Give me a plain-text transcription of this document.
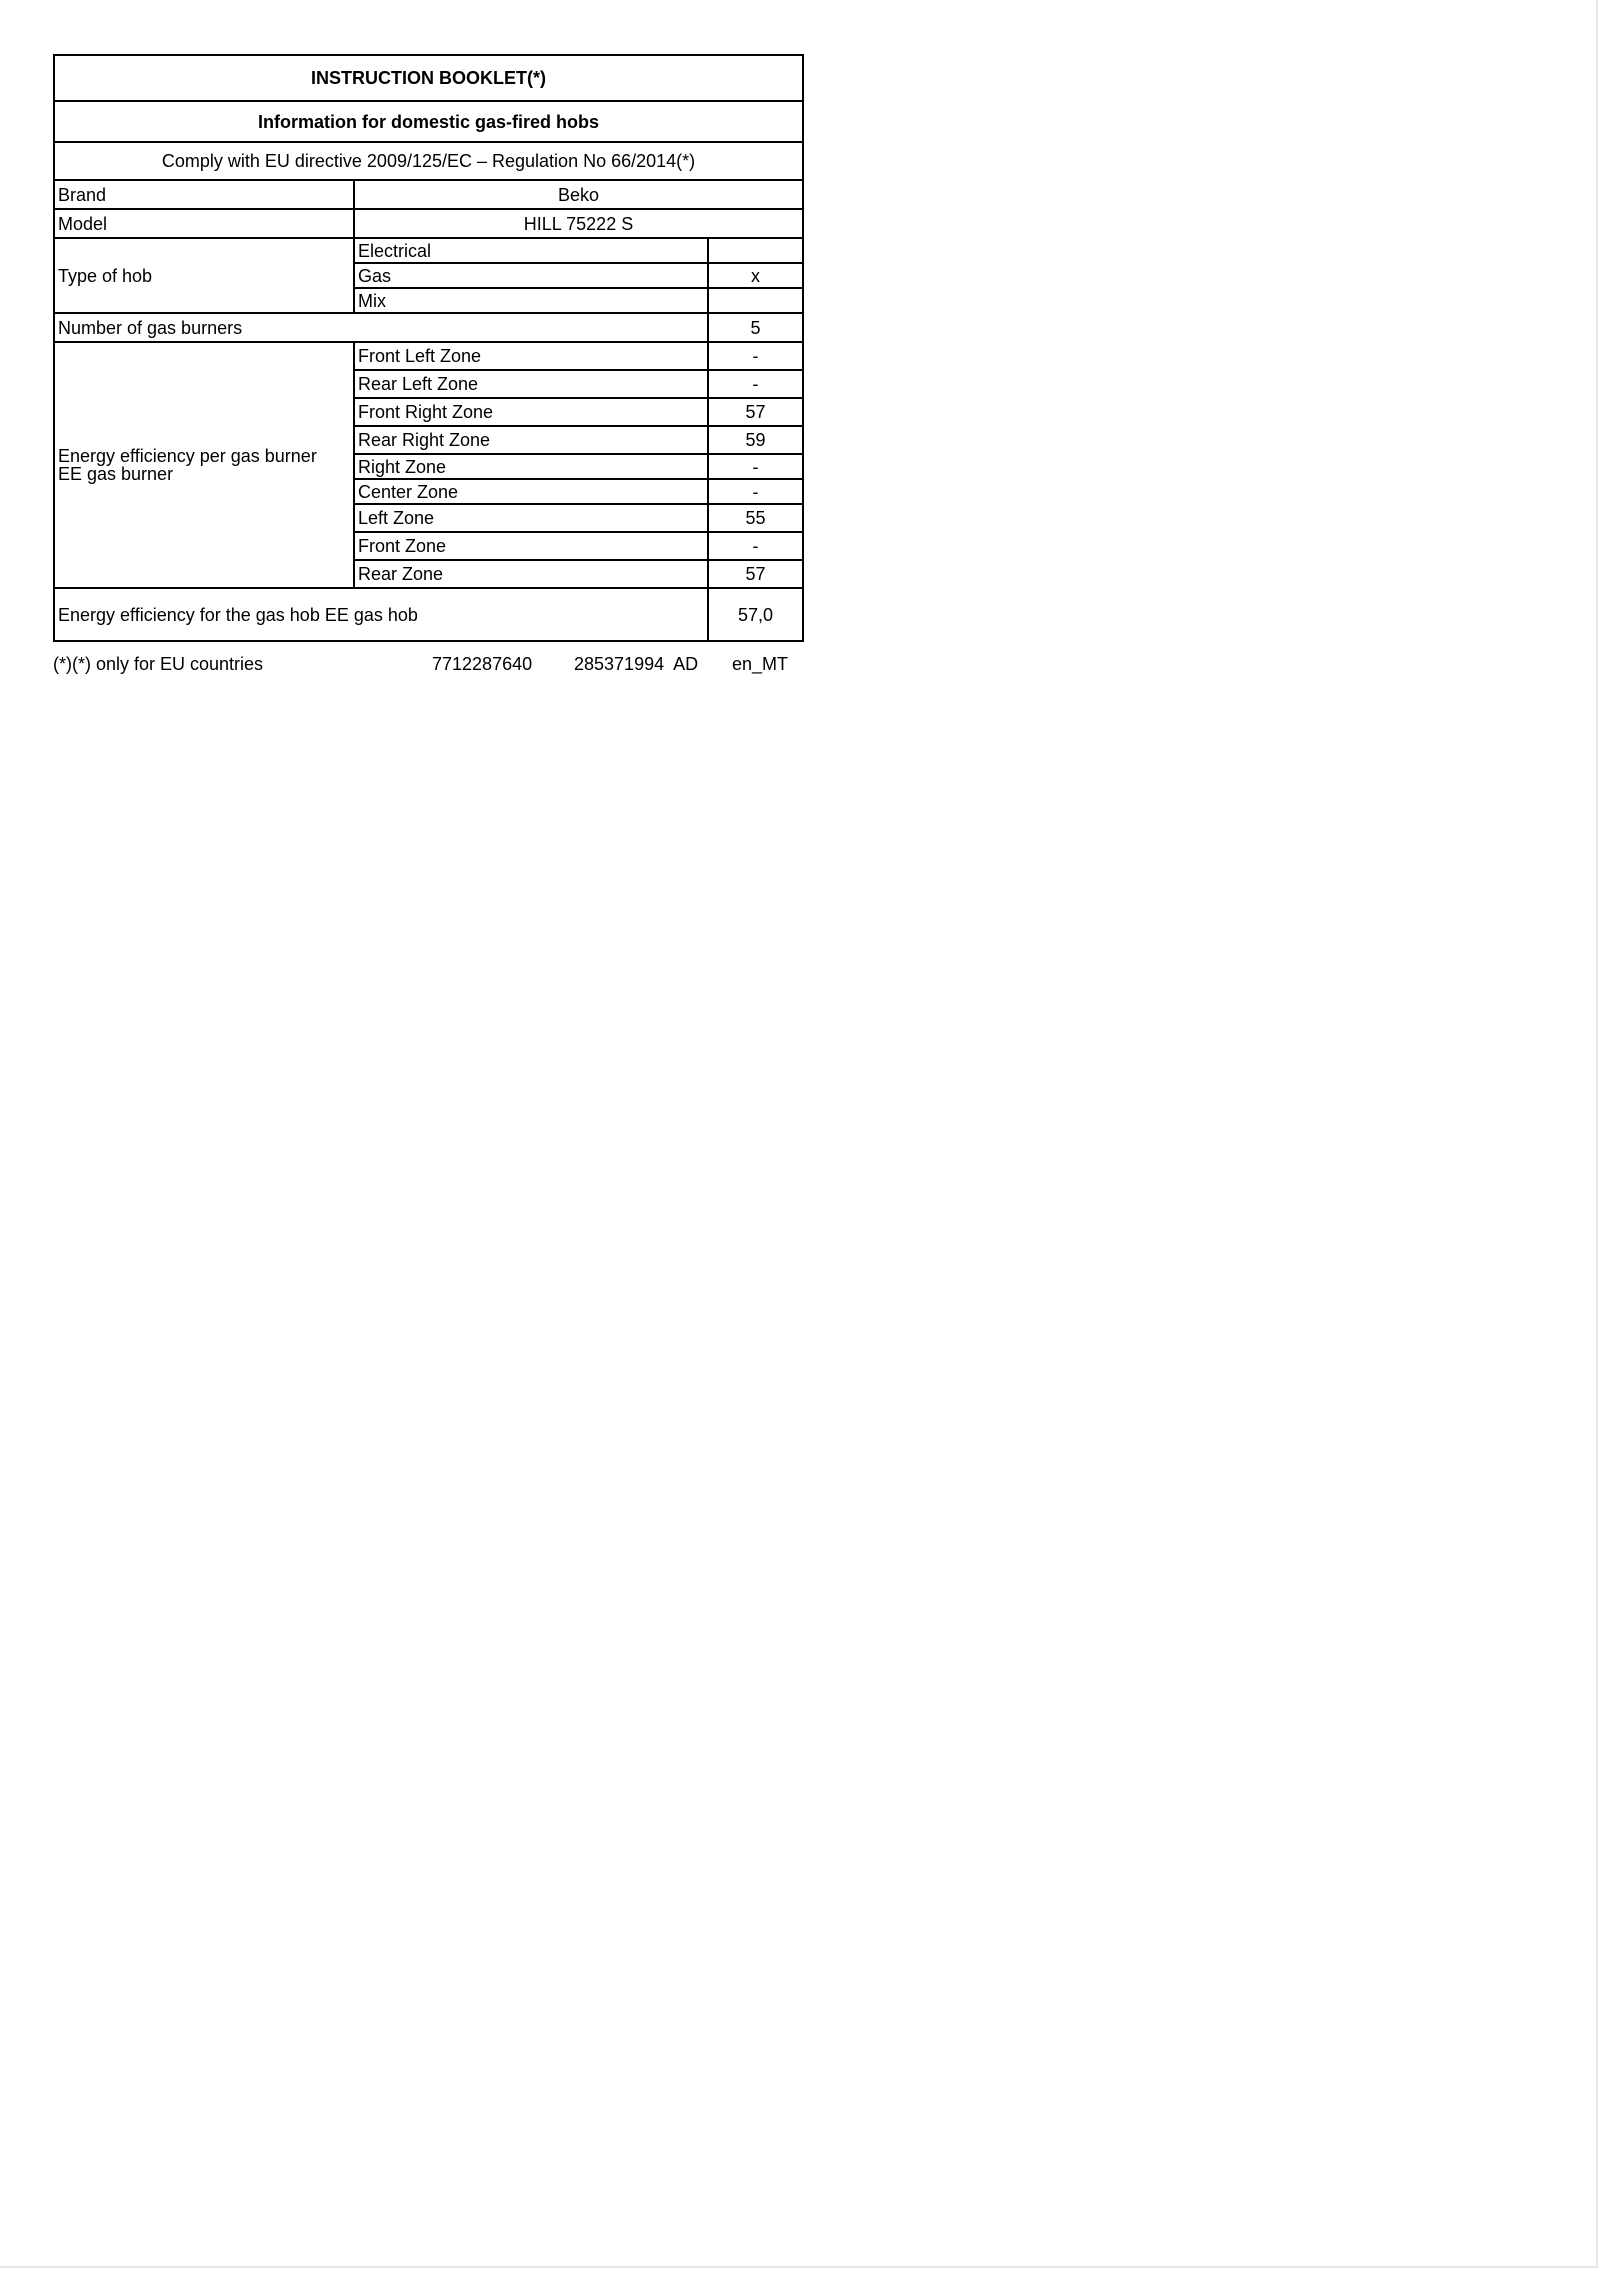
INSTRUCTION BOOKLET(*)		
Information for domestic gas-fired hobs		
Comply with EU directive 2009/125/EC – Regulation No 66/2014(*)		
Brand	Beko	
Model	HILL 75222 S	
Type of hob	Electrical	
	Gas	x
	Mix	
Number of gas burners		5

Energy efficiency per gas burner
EE gas burner	Front Left Zone	-
	Rear Left Zone	-
	Front Right Zone	57
	Rear Right Zone	59
	Right Zone	-
	Center Zone	-
	Left Zone	55
	Front Zone	-
	Rear Zone	57
Energy efficiency for the gas hob EE gas hob		57,0
(*)(*) only for EU countries	7712287640 285371994  AD en_MT
